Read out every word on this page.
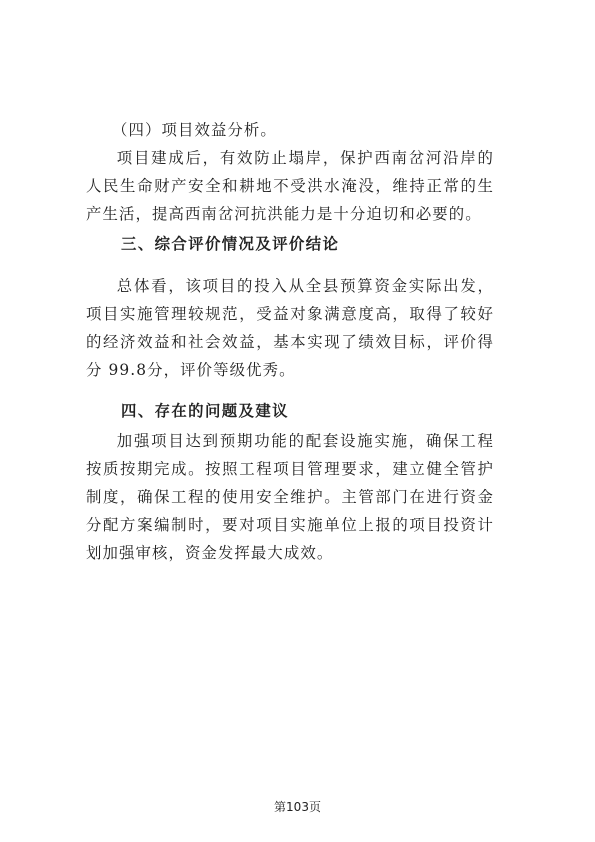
（四）项目效益分析。
项目建成后，有效防止塌岸，保护西南岔河沿岸的人民生命财产安全和耕地不受洪水淹没，维持正常的生产生活，提高西南岔河抗洪能力是十分迫切和必要的。
三、综合评价情况及评价结论
总体看，该项目的投入从全县预算资金实际出发，项目实施管理较规范，受益对象满意度高，取得了较好的经济效益和社会效益，基本实现了绩效目标，评价得分 99.8分，评价等级优秀。
四、存在的问题及建议
加强项目达到预期功能的配套设施实施，确保工程按质按期完成。按照工程项目管理要求，建立健全管护制度，确保工程的使用安全维护。主管部门在进行资金分配方案编制时，要对项目实施单位上报的项目投资计划加强审核，资金发挥最大成效。
第103页
